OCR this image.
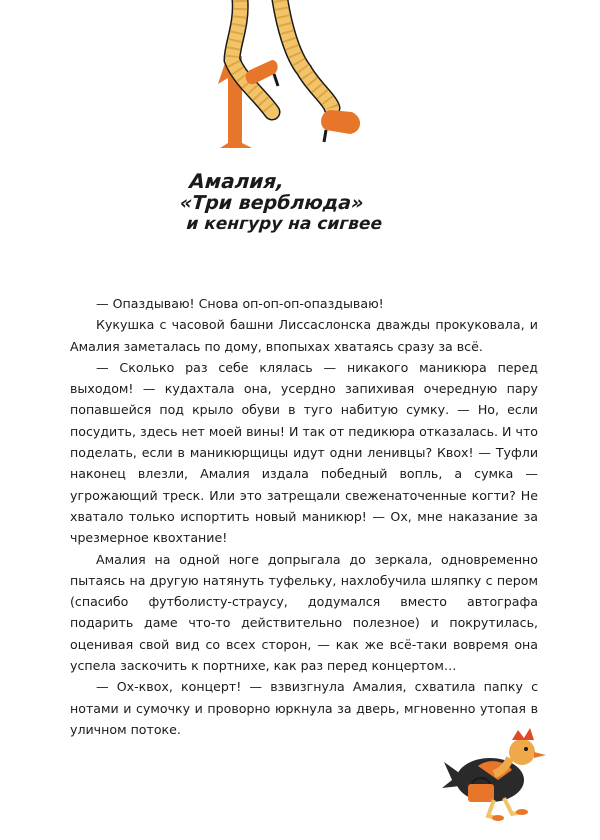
Амалия,
«Три верблюда»
и кенгуру на сигвее

— Опаздываю! Снова оп-оп-оп-опаздываю!

Кукушка с часовой башни Лиссаслонска дважды прокуковала, и Амалия заметалась по дому, впопыхах хватаясь сразу за всё.

— Сколько раз себе клялась — никакого маникюра перед выходом! — кудахтала она, усердно запихивая очередную пару попавшейся под крыло обуви в туго набитую сумку. — Но, если посудить, здесь нет моей вины! И так от педикюра отказалась. И что поделать, если в маникюрщицы идут одни ленивцы? Квох! — Туфли наконец влезли, Амалия издала победный вопль, а сумка — угрожающий треск. Или это затрещали свеженаточенные когти? Не хватало только испортить новый маникюр! — Ох, мне наказание за чрезмерное квохтание!

Амалия на одной ноге допрыгала до зеркала, одновременно пытаясь на другую натянуть туфельку, нахлобучила шляпку с пером (спасибо футболисту-страусу, додумался вместо автографа подарить даме что-то действительно полезное) и покрутилась, оценивая свой вид со всех сторон, — как же всё-таки вовремя она успела заскочить к портнихе, как раз перед концертом…

— Ох-квох, концерт! — взвизгнула Амалия, схватила папку с нотами и сумочку и проворно юркнула за дверь, мгновенно утопая в уличном потоке.
